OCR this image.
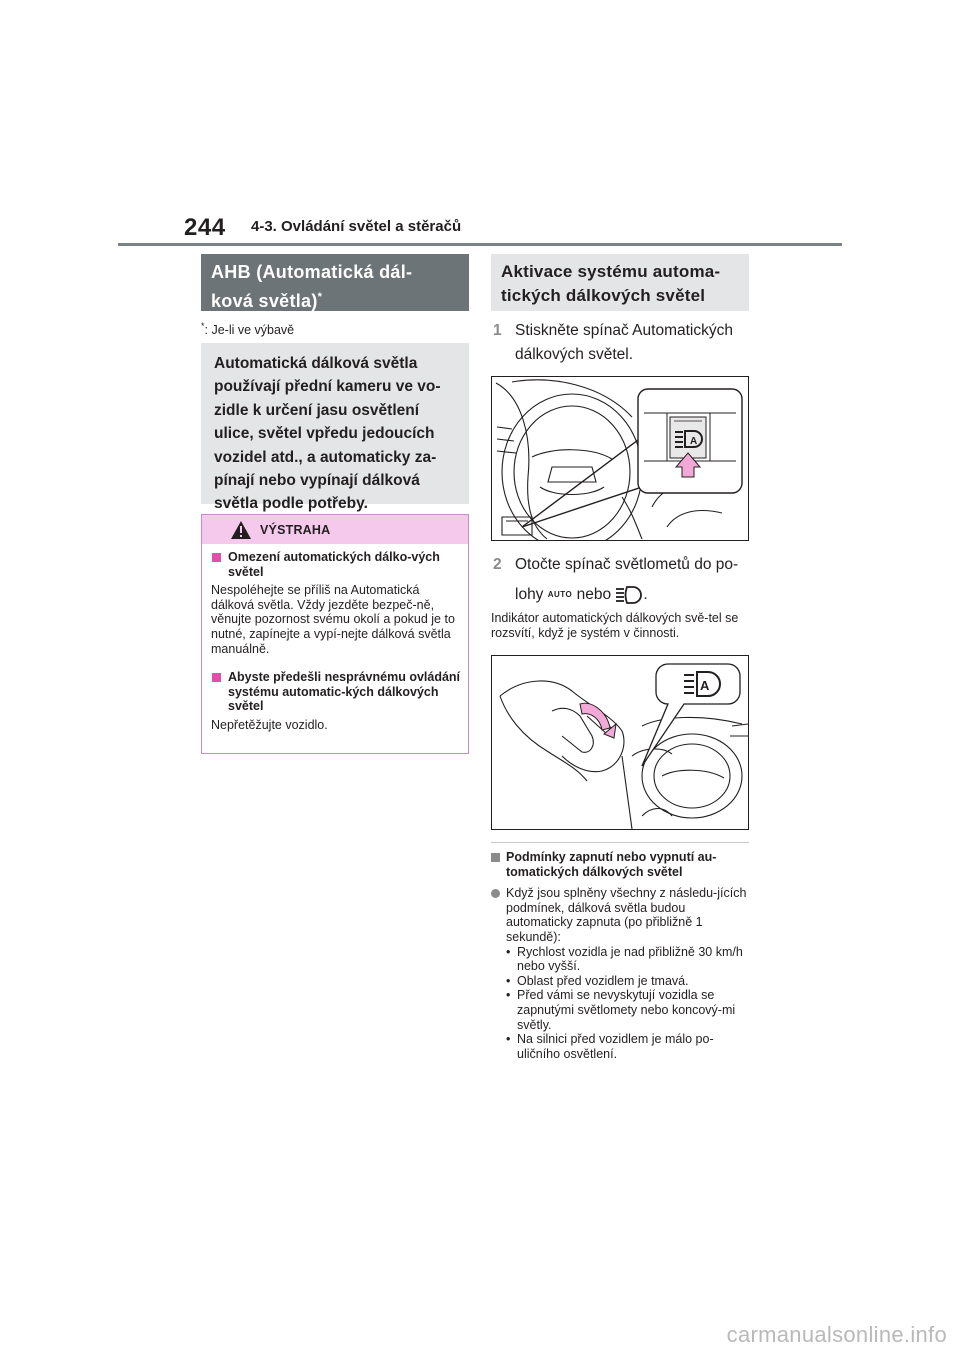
244 4-3. Ovládání světel a stěračů
AHB (Automatická dál-
ková světla)*
*: Je-li ve výbavě
Automatická dálková světla používají přední kameru ve vo-zidle k určení jasu osvětlení ulice, světel vpředu jedoucích vozidel atd., a automaticky za-pínají nebo vypínají dálková světla podle potřeby.
VÝSTRAHA

Omezení automatických dálko-vých světel

Nespoléhejte se příliš na Automatická dálková světla. Vždy jezděte bezpeč-ně, věnujte pozornost svému okolí a pokud je to nutné, zapínejte a vypí-nejte dálková světla manuálně.

Abyste předešli nesprávnému ovládání systému automatic-kých dálkových světel

Nepřetěžujte vozidlo.

Aktivace systému automa-
tických dálkových světel
1 Stiskněte spínač Automatických dálkových světel.
A
2 Otočte spínač světlometů do po-
lohy AUTO nebo .
Indikátor automatických dálkových svě-tel se rozsvítí, když je systém v činnosti.
A

Podmínky zapnutí nebo vypnutí au-tomatických dálkových světel

Když jsou splněny všechny z následu-jících podmínek, dálková světla budou automaticky zapnuta (po přibližně 1 sekundě):

• Rychlost vozidla je nad přibližně 30 km/h nebo vyšší.
• Oblast před vozidlem je tmavá.
• Před vámi se nevyskytují vozidla se zapnutými světlomety nebo koncový-mi světly.
• Na silnici před vozidlem je málo po-uličního osvětlení.
carmanualsonline.info
